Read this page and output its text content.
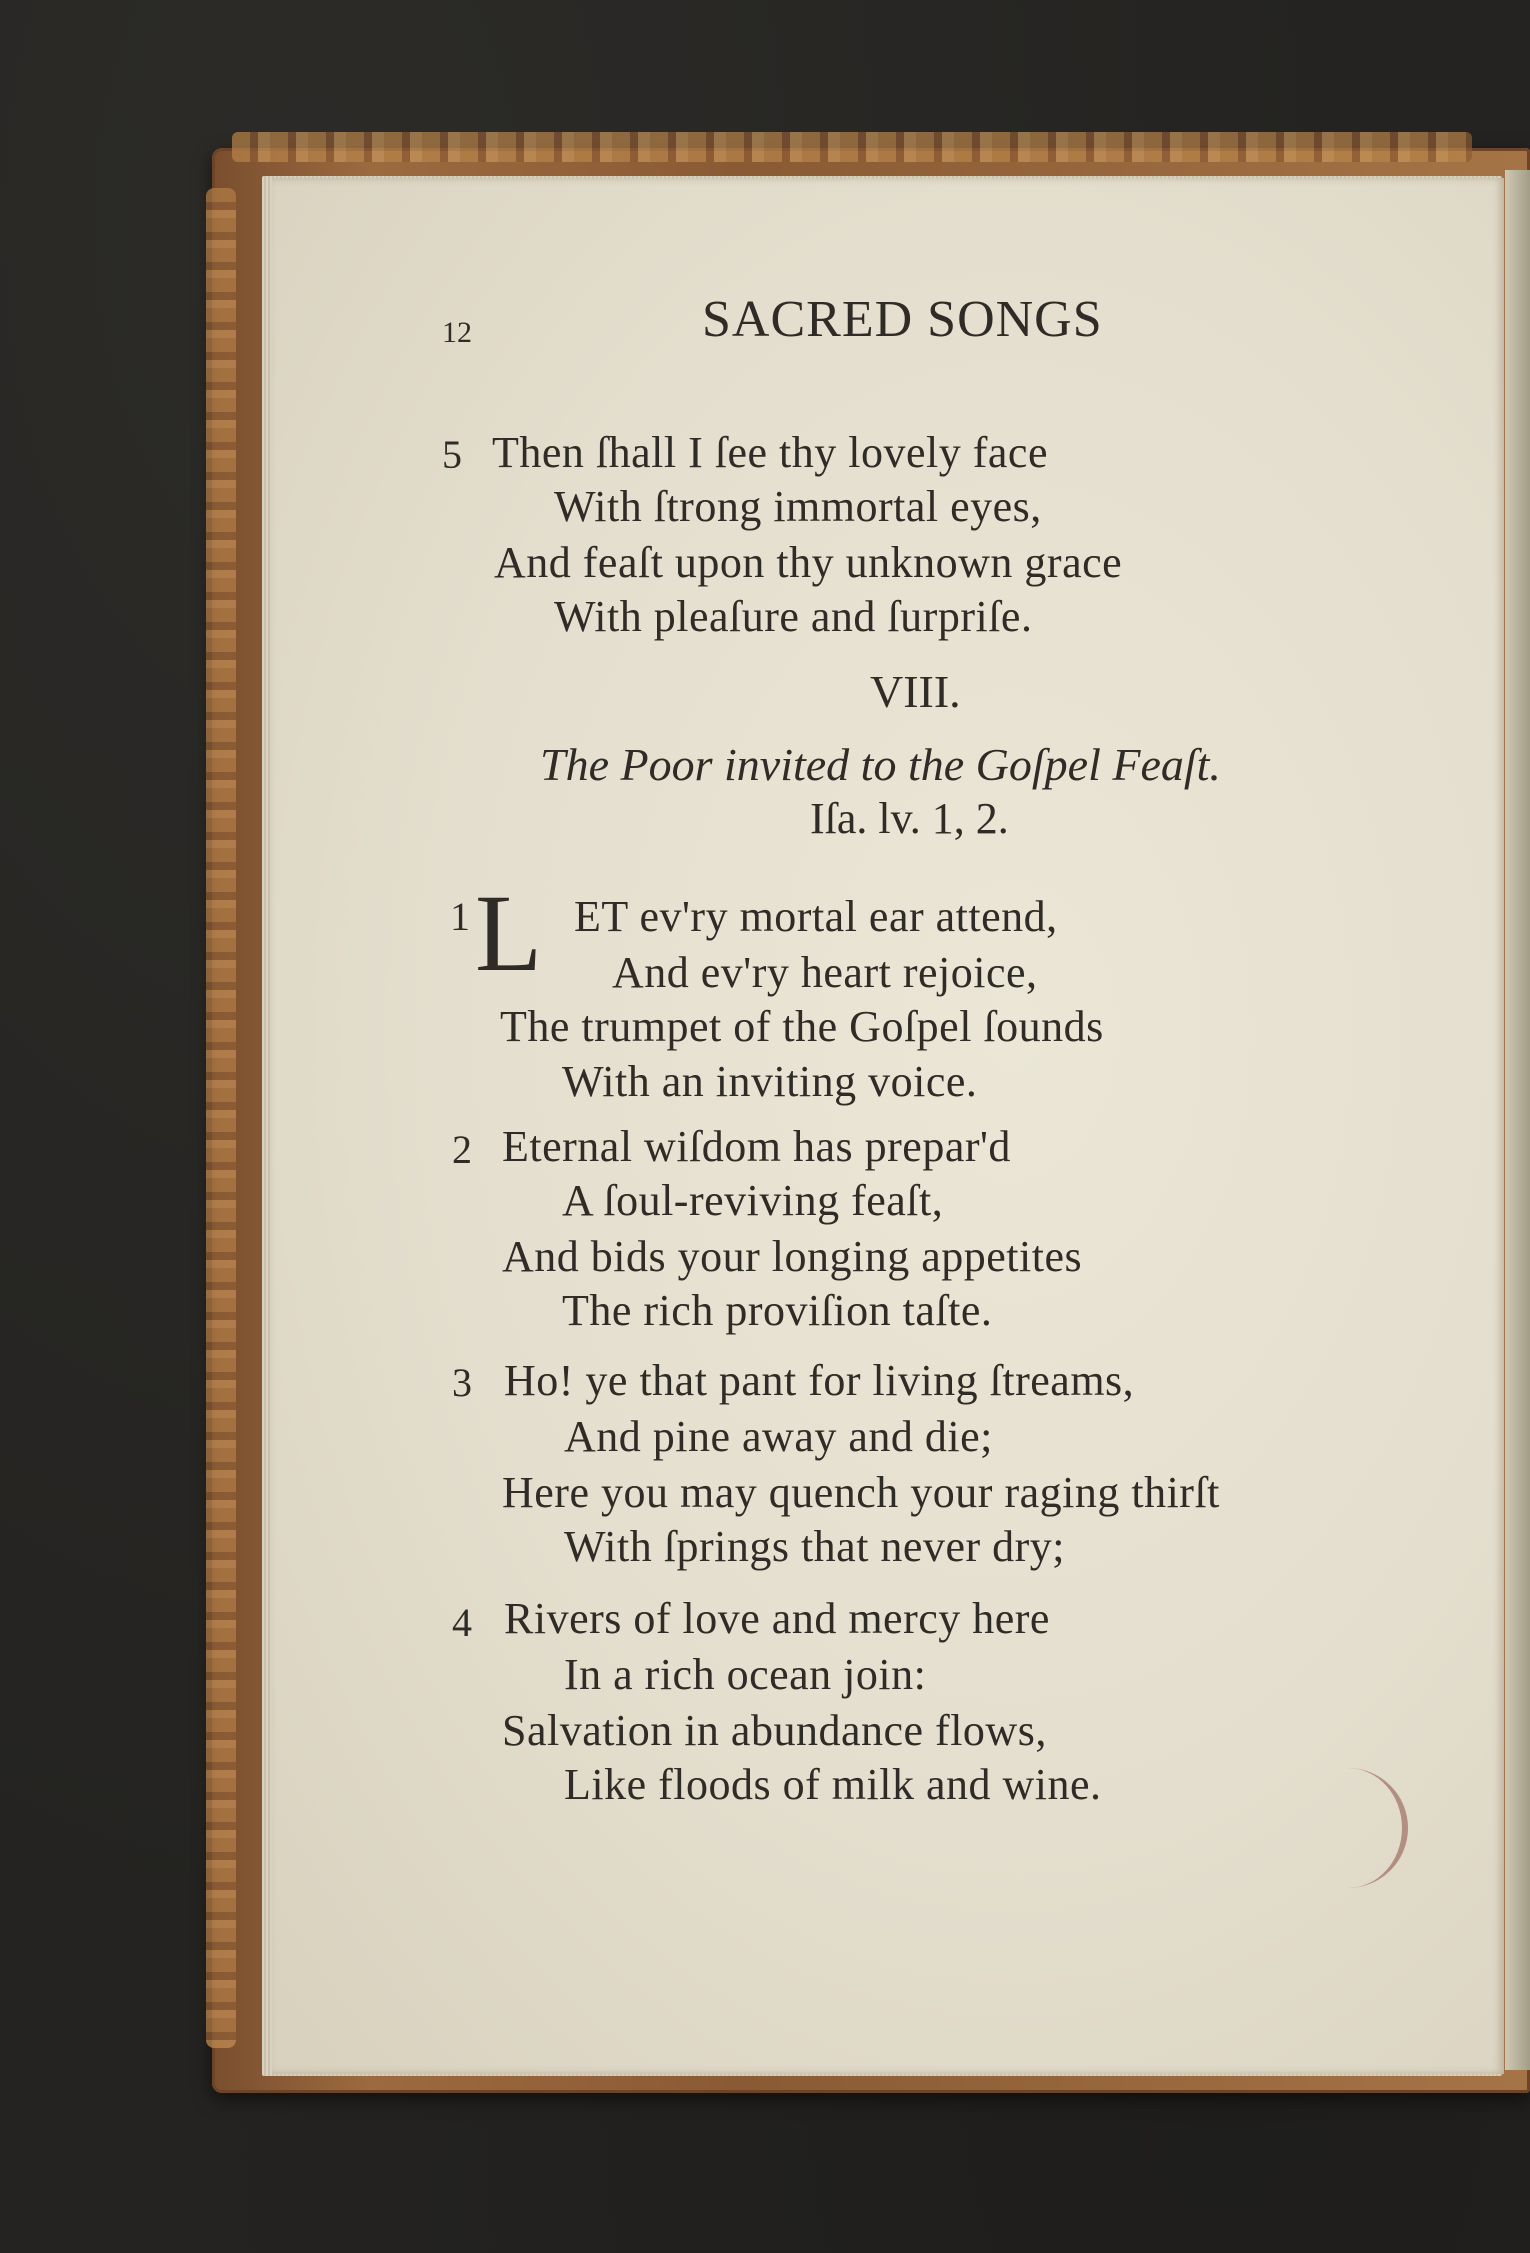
12	SACRED SONGS
5 Then ſhall I ſee thy lovely face
With ſtrong immortal eyes,
And feaſt upon thy unknown grace
With pleaſure and ſurpriſe.
VIII.
The Poor invited to the Goſpel Feaſt.
Iſa. lv. 1, 2.
1 L ET ev'ry mortal ear attend,
And ev'ry heart rejoice,
The trumpet of the Goſpel ſounds
With an inviting voice.
2 Eternal wiſdom has prepar'd
A ſoul-reviving feaſt,
And bids your longing appetites
The rich proviſion taſte.
3 Ho! ye that pant for living ſtreams,
And pine away and die;
Here you may quench your raging thirſt
With ſprings that never dry;
4 Rivers of love and mercy here
In a rich ocean join:
Salvation in abundance flows,
Like floods of milk and wine.
